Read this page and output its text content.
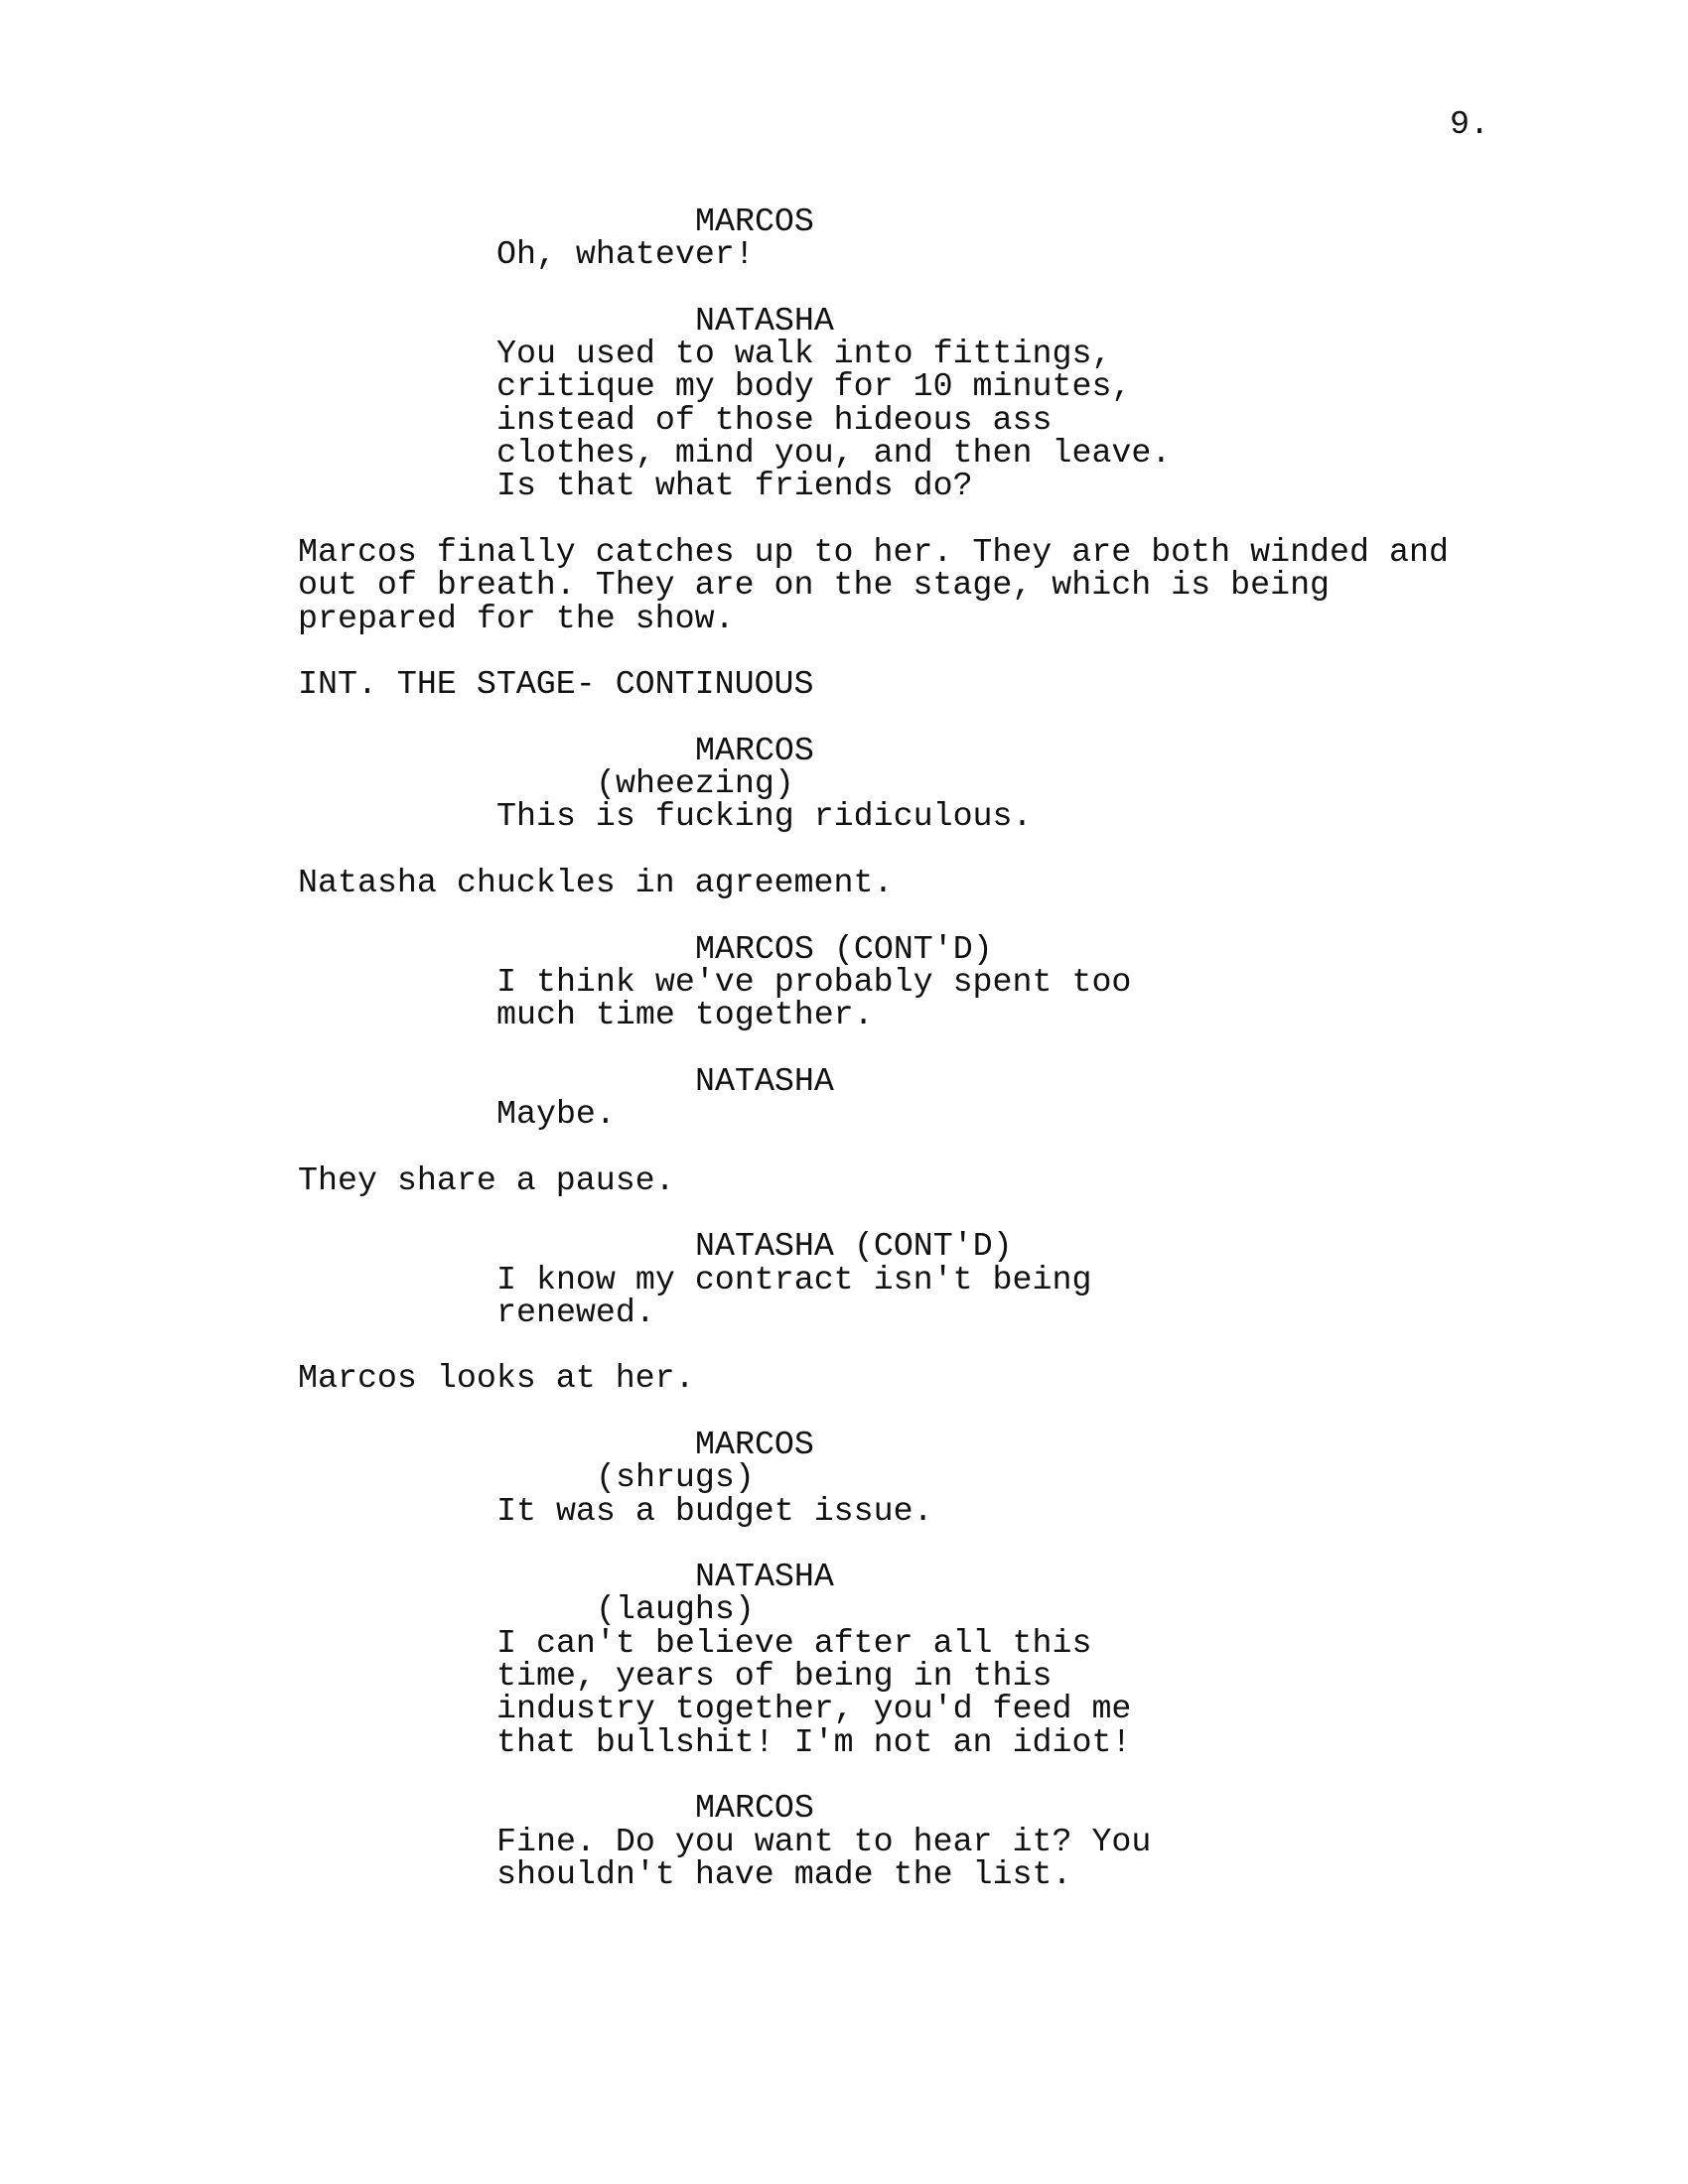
9.
MARCOS
Oh, whatever!
NATASHA
You used to walk into fittings,
critique my body for 10 minutes,
instead of those hideous ass
clothes, mind you, and then leave.
Is that what friends do?
Marcos finally catches up to her. They are both winded and
out of breath. They are on the stage, which is being
prepared for the show.
INT. THE STAGE- CONTINUOUS
MARCOS
(wheezing)
This is fucking ridiculous.
Natasha chuckles in agreement.
MARCOS (CONT'D)
I think we've probably spent too
much time together.
NATASHA
Maybe.
They share a pause.
NATASHA (CONT'D)
I know my contract isn't being
renewed.
Marcos looks at her.
MARCOS
(shrugs)
It was a budget issue.
NATASHA
(laughs)
I can't believe after all this
time, years of being in this
industry together, you'd feed me
that bullshit! I'm not an idiot!
MARCOS
Fine. Do you want to hear it? You
shouldn't have made the list.
